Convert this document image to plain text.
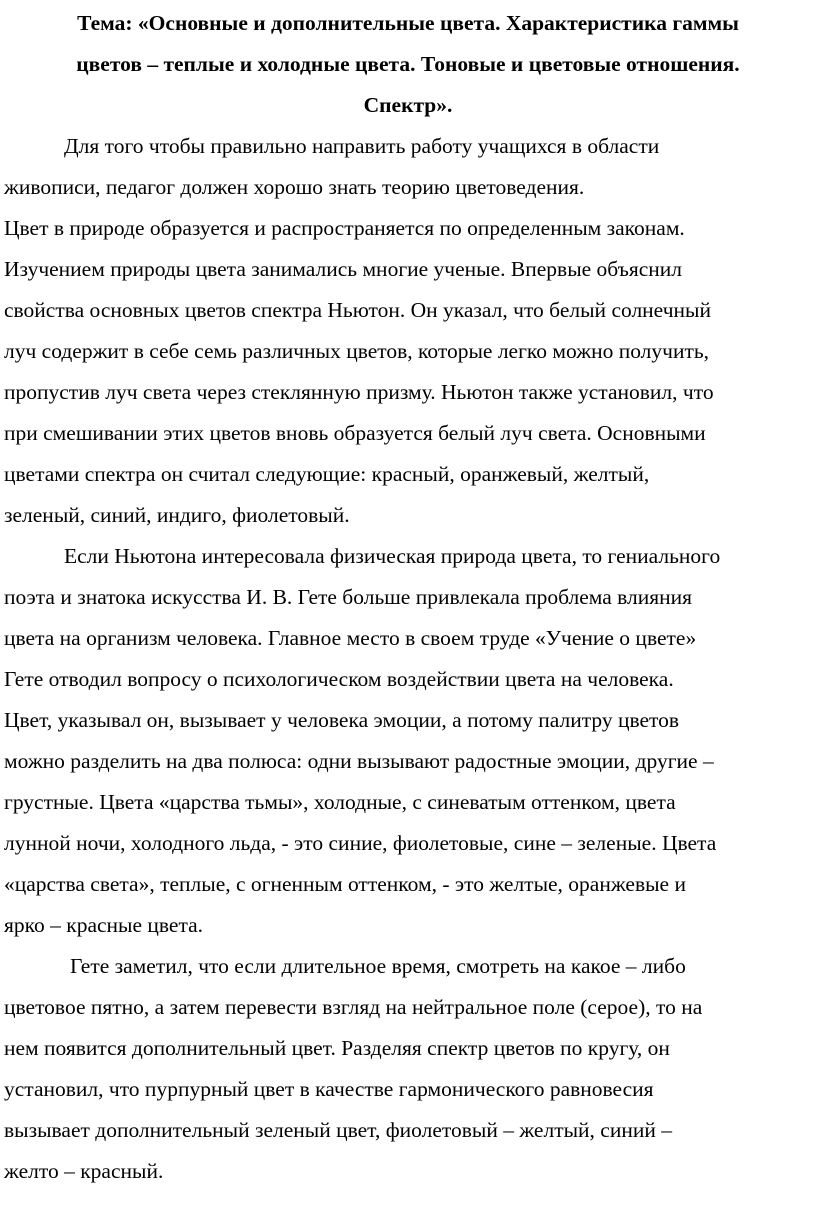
Тема: «Основные и дополнительные цвета. Характеристика гаммы
цветов – теплые и холодные цвета. Тоновые и цветовые отношения.
Спектр».

Для того чтобы правильно направить работу учащихся в области
живописи, педагог должен хорошо знать теорию цветоведения.
Цвет в природе образуется и распространяется по определенным законам.
Изучением природы цвета занимались многие ученые. Впервые объяснил
свойства основных цветов спектра Ньютон. Он указал, что белый солнечный
луч содержит в себе семь различных цветов, которые легко можно получить,
пропустив луч света через стеклянную призму. Ньютон также установил, что
при смешивании этих цветов вновь образуется белый луч света. Основными
цветами спектра он считал следующие: красный, оранжевый, желтый,
зеленый, синий, индиго, фиолетовый.

Если Ньютона интересовала физическая природа цвета, то гениального
поэта и знатока искусства И. В. Гете больше привлекала проблема влияния
цвета на организм человека. Главное место в своем труде «Учение о цвете»
Гете отводил вопросу о психологическом воздействии цвета на человека.
Цвет, указывал он, вызывает у человека эмоции, а потому палитру цветов
можно разделить на два полюса: одни вызывают радостные эмоции, другие –
грустные. Цвета «царства тьмы», холодные, с синеватым оттенком, цвета
лунной ночи, холодного льда, - это синие, фиолетовые, сине – зеленые. Цвета
«царства света», теплые, с огненным оттенком, - это желтые, оранжевые и
ярко – красные цвета.

Гете заметил, что если длительное время, смотреть на какое – либо
цветовое пятно, а затем перевести взгляд на нейтральное поле (серое), то на
нем появится дополнительный цвет. Разделяя спектр цветов по кругу, он
установил, что пурпурный цвет в качестве гармонического равновесия
вызывает дополнительный зеленый цвет, фиолетовый – желтый, синий –
желто – красный.
